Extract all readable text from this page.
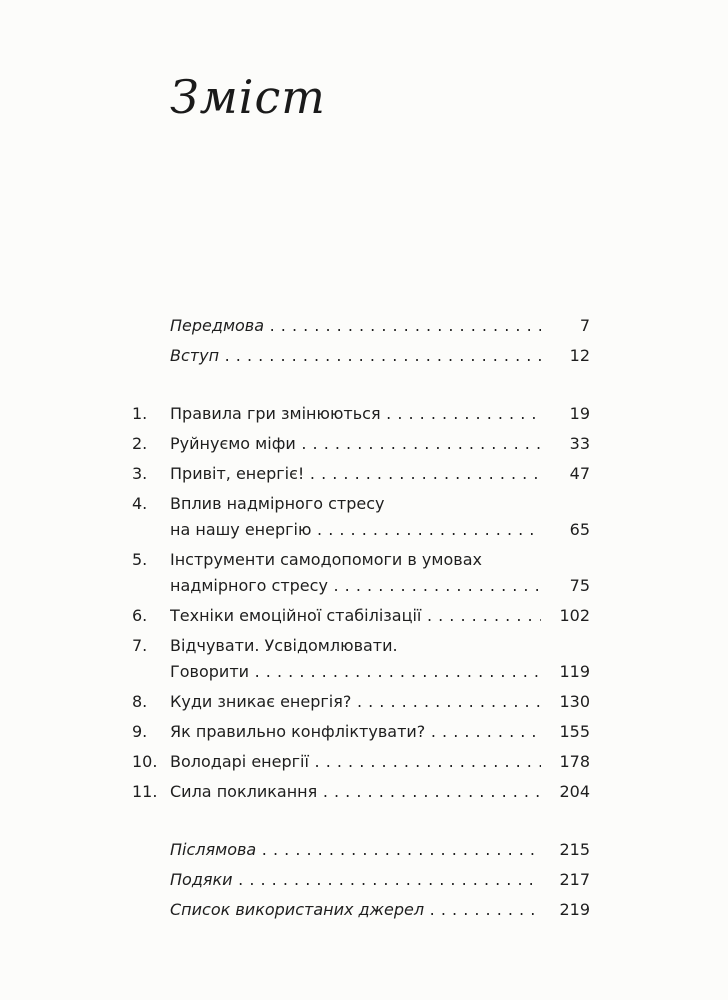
Зміст
Передмова . . .	7
Вступ . . .	12
1.	Правила гри змінюються . . .	19
2.	Руйнуємо міфи . . .	33
3.	Привіт, енергіє! . . .	47
4.	Вплив надмірного стресу
на нашу енергію . . .	65
5.	Інструменти самодопомоги в умовах
надмірного стресу . . .	75
6.	Техніки емоційної стабілізації . . .	102
7.	Відчувати. Усвідомлювати.
Говорити . . .	119
8.	Куди зникає енергія? . . .	130
9.	Як правильно конфліктувати? . . .	155
10. Володарі енергії . . .	178
11. Сила покликання . . .	204
Післямова . . .	215
Подяки . . .	217
Список використаних джерел . . .	219
